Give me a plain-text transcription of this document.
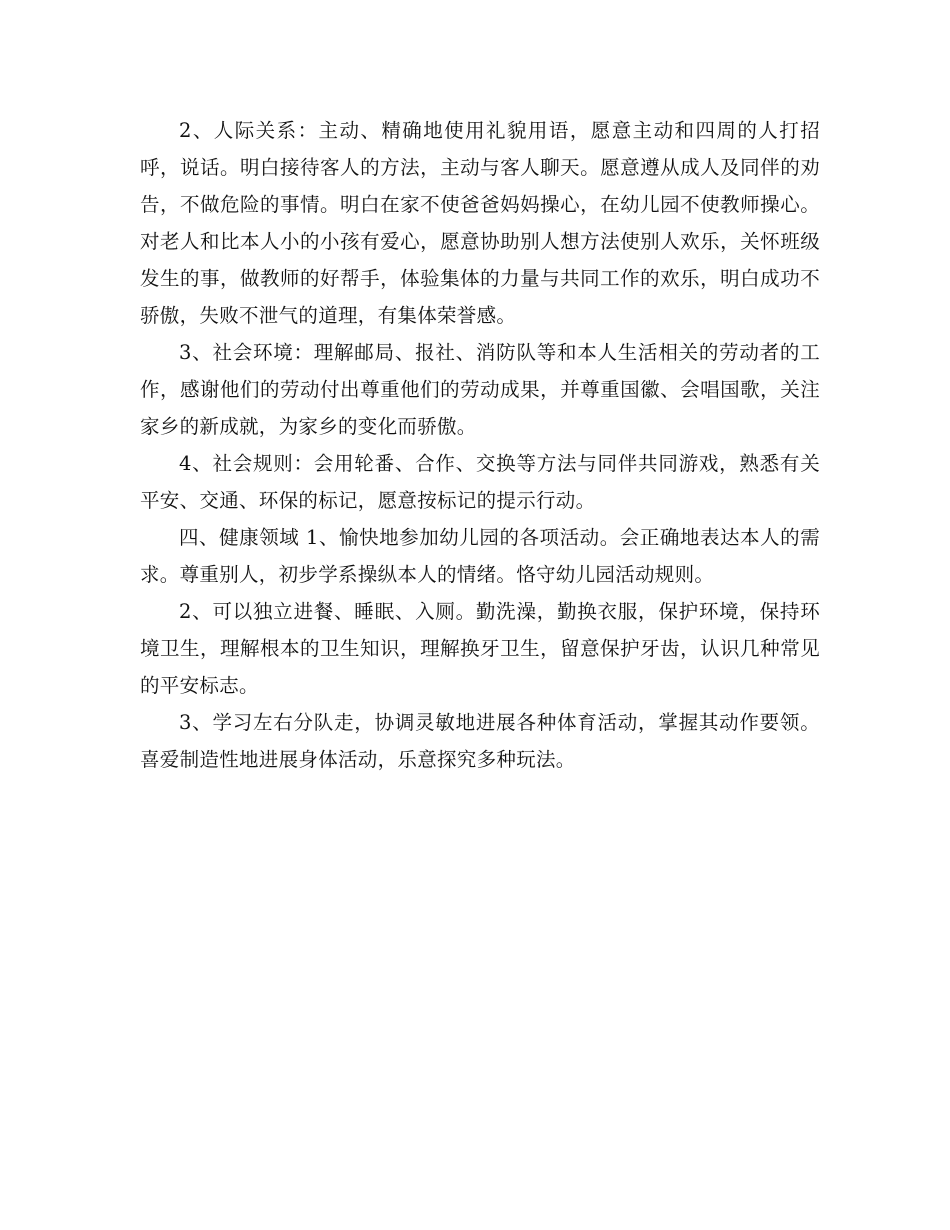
2、人际关系：主动、精确地使用礼貌用语，愿意主动和四周的人打招呼，说话。明白接待客人的方法，主动与客人聊天。愿意遵从成人及同伴的劝告，不做危险的事情。明白在家不使爸爸妈妈操心，在幼儿园不使教师操心。对老人和比本人小的小孩有爱心，愿意协助别人想方法使别人欢乐，关怀班级发生的事，做教师的好帮手，体验集体的力量与共同工作的欢乐，明白成功不骄傲，失败不泄气的道理，有集体荣誉感。

3、社会环境：理解邮局、报社、消防队等和本人生活相关的劳动者的工作，感谢他们的劳动付出尊重他们的劳动成果，并尊重国徽、会唱国歌，关注家乡的新成就，为家乡的变化而骄傲。

4、社会规则：会用轮番、合作、交换等方法与同伴共同游戏，熟悉有关平安、交通、环保的标记，愿意按标记的提示行动。

四、健康领域 1、愉快地参加幼儿园的各项活动。会正确地表达本人的需求。尊重别人，初步学系操纵本人的情绪。恪守幼儿园活动规则。

2、可以独立进餐、睡眠、入厕。勤洗澡，勤换衣服，保护环境，保持环境卫生，理解根本的卫生知识，理解换牙卫生，留意保护牙齿，认识几种常见的平安标志。

3、学习左右分队走，协调灵敏地进展各种体育活动，掌握其动作要领。喜爱制造性地进展身体活动，乐意探究多种玩法。
